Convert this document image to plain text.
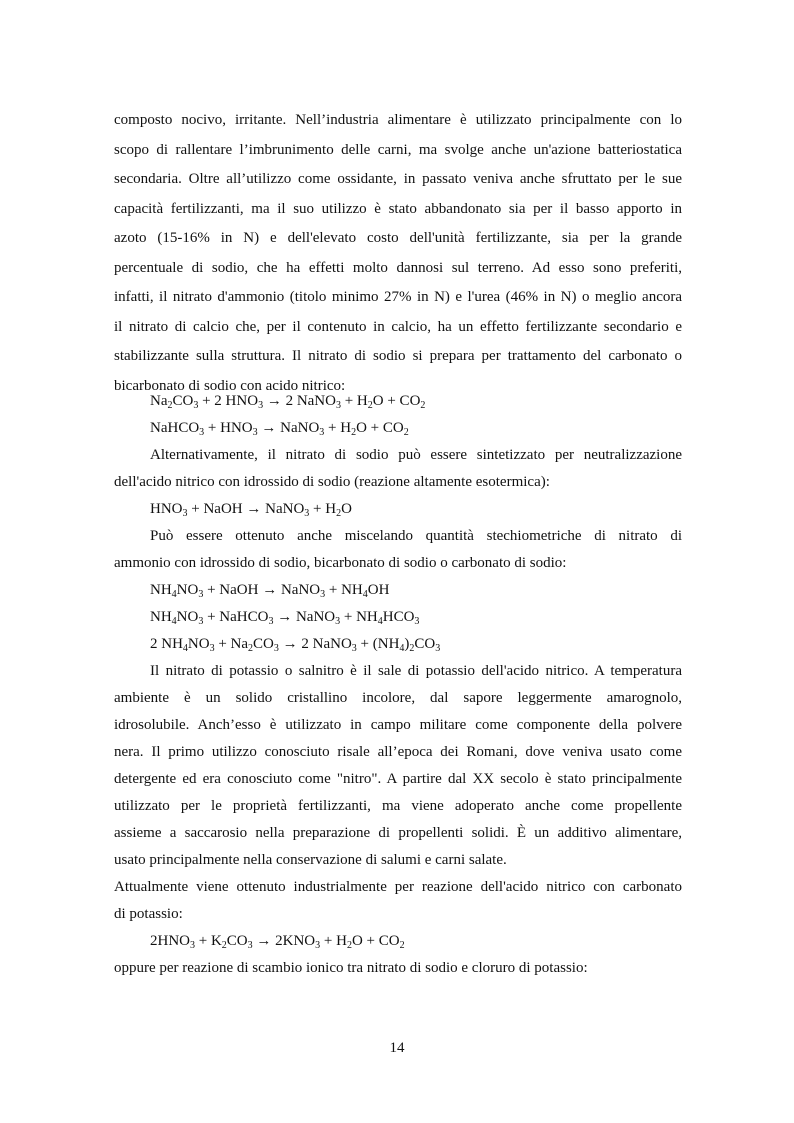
composto nocivo, irritante. Nell’industria alimentare è utilizzato principalmente con lo
scopo di rallentare l’imbrunimento delle carni, ma svolge anche un'azione batteriostatica
secondaria. Oltre all’utilizzo come ossidante, in passato veniva anche sfruttato per le sue
capacità fertilizzanti, ma il suo utilizzo è stato abbandonato sia per il basso apporto in
azoto (15-16% in N) e dell'elevato costo dell'unità fertilizzante, sia per la grande
percentuale di sodio, che ha effetti molto dannosi sul terreno. Ad esso sono preferiti,
infatti, il nitrato d'ammonio (titolo minimo 27% in N) e l'urea (46% in N) o meglio ancora
il nitrato di calcio che, per il contenuto in calcio, ha un effetto fertilizzante secondario e
stabilizzante sulla struttura. Il nitrato di sodio si prepara per trattamento del carbonato o
bicarbonato di sodio con acido nitrico:
$Na_2CO_3 + 2$ $HNO_3 \to 2$ NaNO$_3$ + $H_2O + CO_2$
NaHCO$_3$ + $HNO_3$ → NaNO$_3$ + $H_2O + CO_2$
Alternativamente, il nitrato di sodio può essere sintetizzato per neutralizzazione
dell'acido nitrico con idrossido di sodio (reazione altamente esotermica):
$HNO_3$ + NaOH → NaNO$_3$ + $H_2O$
Può essere ottenuto anche miscelando quantità stechiometriche di nitrato di
ammonio con idrossido di sodio, bicarbonato di sodio o carbonato di sodio:
$NH_4NO_3$ + NaOH → NaNO$_3$ + $NH_4OH$
$NH_4NO_3$ + NaHCO$_3$ → NaNO$_3$ + $NH_4HCO_3$
2 $NH_4NO_3 + Na_2CO_3 \to 2$ NaNO$_3$ + $(NH_4)_2CO_3$
Il nitrato di potassio o salnitro è il sale di potassio dell'acido nitrico. A temperatura
ambiente è un solido cristallino incolore, dal sapore leggermente amarognolo,
idrosolubile. Anch’esso è utilizzato in campo militare come componente della polvere
nera. Il primo utilizzo conosciuto risale all’epoca dei Romani, dove veniva usato come
detergente ed era conosciuto come "nitro". A partire dal XX secolo è stato principalmente
utilizzato per le proprietà fertilizzanti, ma viene adoperato anche come propellente
assieme a saccarosio nella preparazione di propellenti solidi. È un additivo alimentare,
usato principalmente nella conservazione di salumi e carni salate.
Attualmente viene ottenuto industrialmente per reazione dell'acido nitrico con carbonato
di potassio:
$2HNO_3 + K_2CO_3 \to 2KNO_3 + H_2O + CO_2$
oppure per reazione di scambio ionico tra nitrato di sodio e cloruro di potassio:
14
